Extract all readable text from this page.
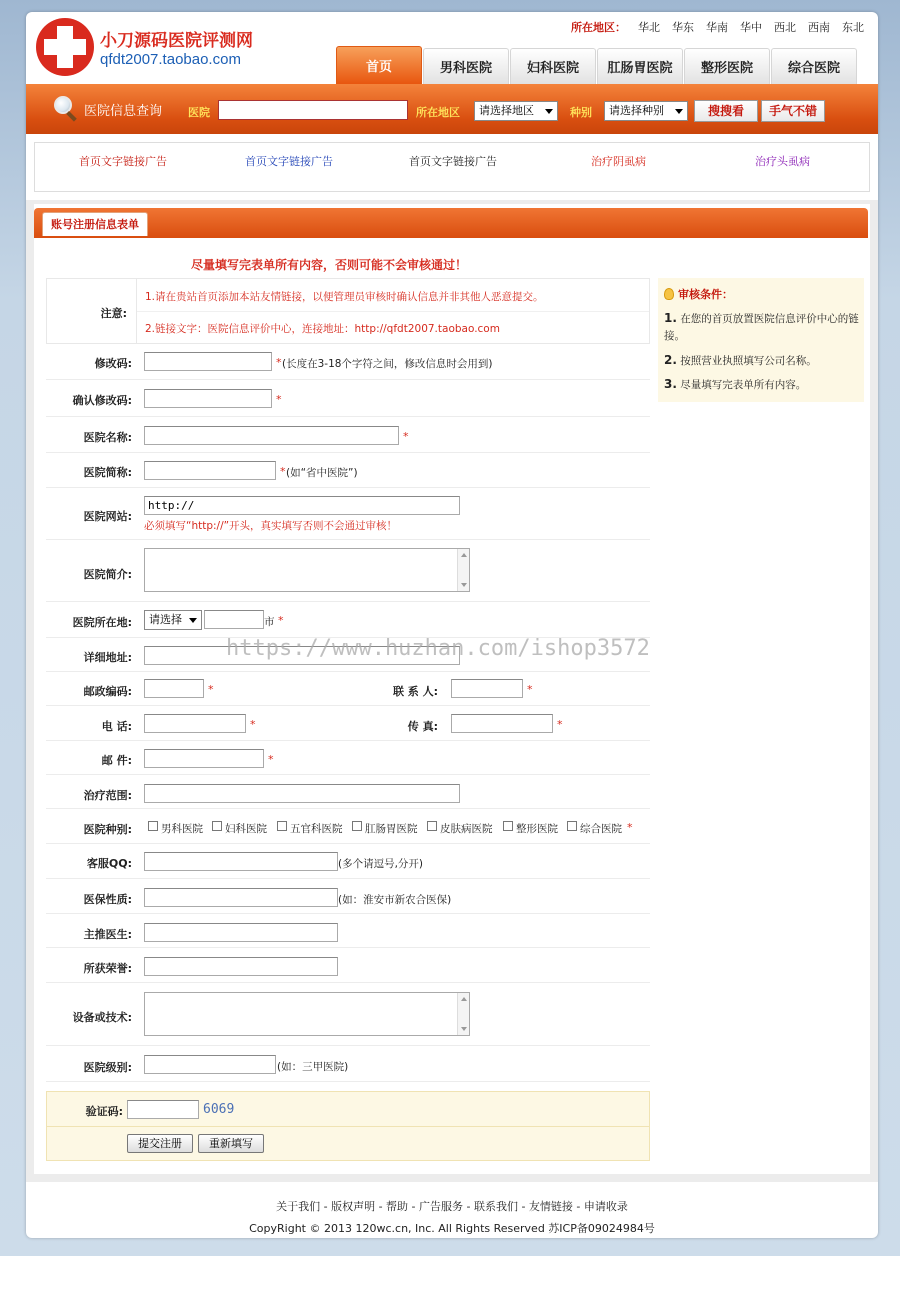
小刀源码医院评测网
qfdt2007.taobao.com
所在地区： 华北 华东 华南 华中 西北 西南 东北
首页	男科医院	妇科医院	肛肠胃医院	整形医院	综合医院
医院信息查询 医院	所在地区	请选择地区	种别	请选择种别	搜搜看	手气不错
首页文字链接广告	首页文字链接广告	首页文字链接广告	治疗阴虱病	治疗头虱病
账号注册信息表单
尽量填写完表单所有内容，否则可能不会审核通过！
注意:
1.请在贵站首页添加本站友情链接，以便管理员审核时确认信息并非其他人恶意提交。
2.链接文字：医院信息评价中心，连接地址：http://qfdt2007.taobao.com
修改码:	* (长度在3-18个字符之间，修改信息时会用到)
确认修改码:	*
医院名称:	*
医院简称:	* (如“省中医院”)
医院网站:
http://
必须填写“http://”开头，真实填写否则不会通过审核！
医院简介:
医院所在地:	请选择	市 *
详细地址:
邮政编码:	*	联 系 人:	*
电 话:	*	传 真:	*
邮 件:	*
治疗范围:
医院种别:	男科医院 妇科医院 五官科医院 肛肠胃医院 皮肤病医院 整形医院 综合医院 *
客服QQ:	(多个请逗号,分开)
医保性质:	(如：淮安市新农合医保)
主推医生:
所获荣誉:
设备或技术:
医院级别:	(如：三甲医院)
验证码:	6069
提交注册	重新填写
审核条件：

1. 在您的首页放置医院信息评价中心的链接。

2. 按照营业执照填写公司名称。

3. 尽量填写完表单所有内容。

关于我们 - 版权声明 - 帮助 - 广告服务 - 联系我们 - 友情链接 - 申请收录
CopyRight © 2013 120wc.cn, Inc. All Rights Reserved 苏ICP备09024984号
https://www.huzhan.com/ishop3572
